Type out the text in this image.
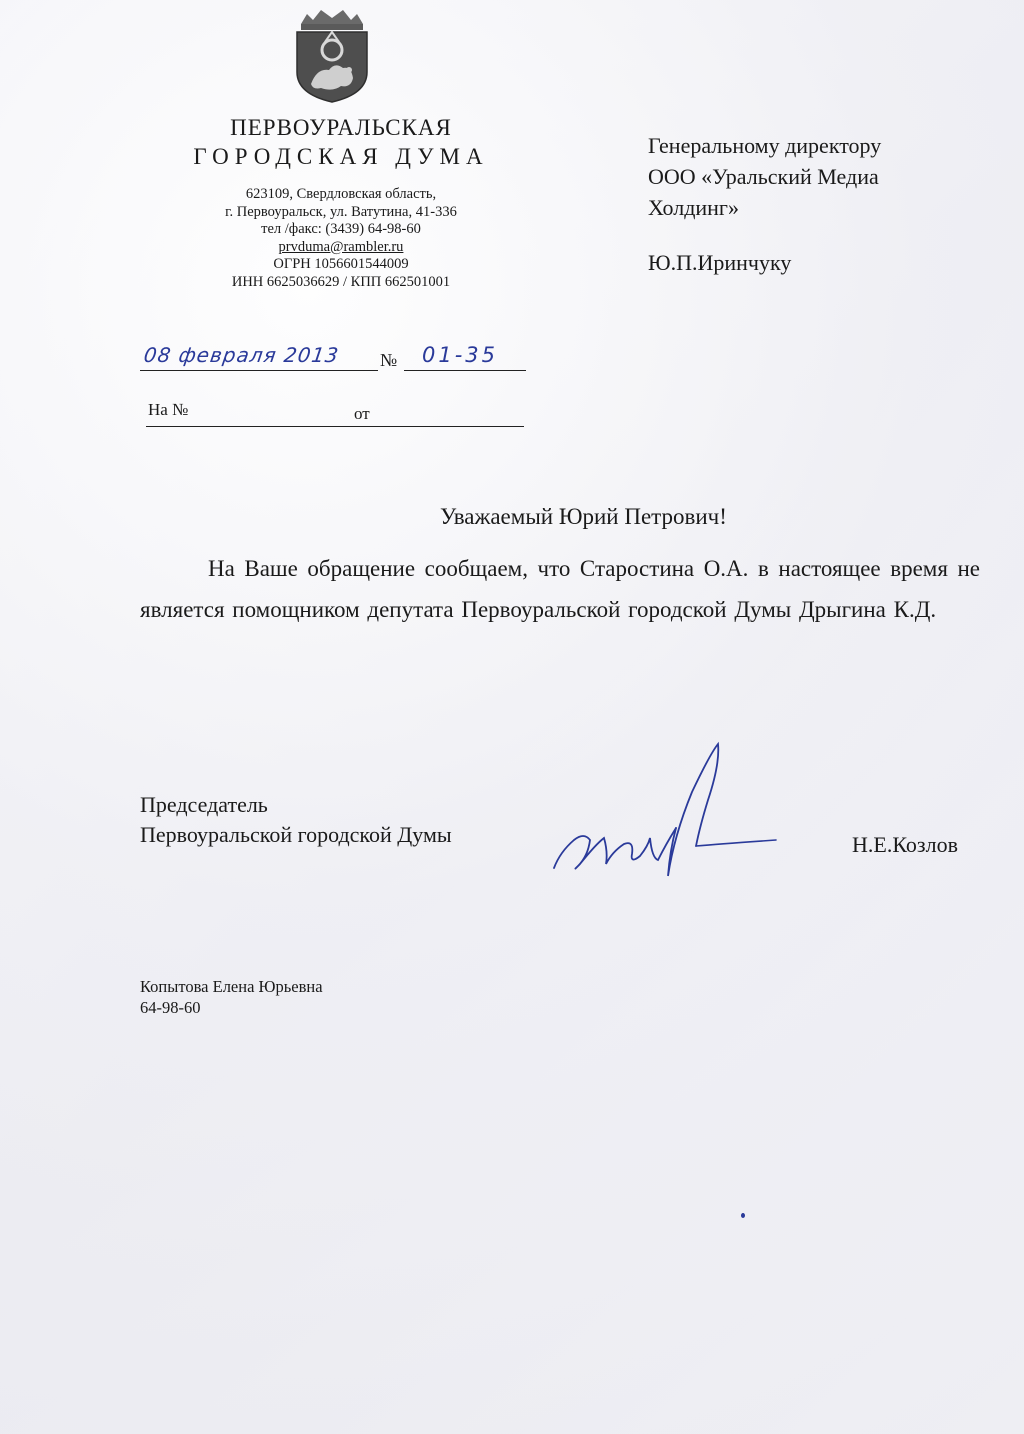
ПЕРВОУРАЛЬСКАЯ
ГОРОДСКАЯ ДУМА
623109, Свердловская область,
г. Первоуральск, ул. Ватутина, 41-336
тел /факс: (3439) 64-98-60
prvduma@rambler.ru
ОГРН 1056601544009
ИНН 6625036629 / КПП 662501001
Генеральному директору
ООО «Уральский Медиа
Холдинг»
Ю.П.Иринчуку
08 февраля 2013 № 01-35
На №	от
Уважаемый Юрий Петрович!
На Ваше обращение сообщаем, что Старостина О.А. в настоящее время не является помощником депутата Первоуральской городской Думы Дрыгина К.Д.
Председатель
Первоуральской городской Думы	Н.Е.Козлов
Копытова Елена Юрьевна
64-98-60
